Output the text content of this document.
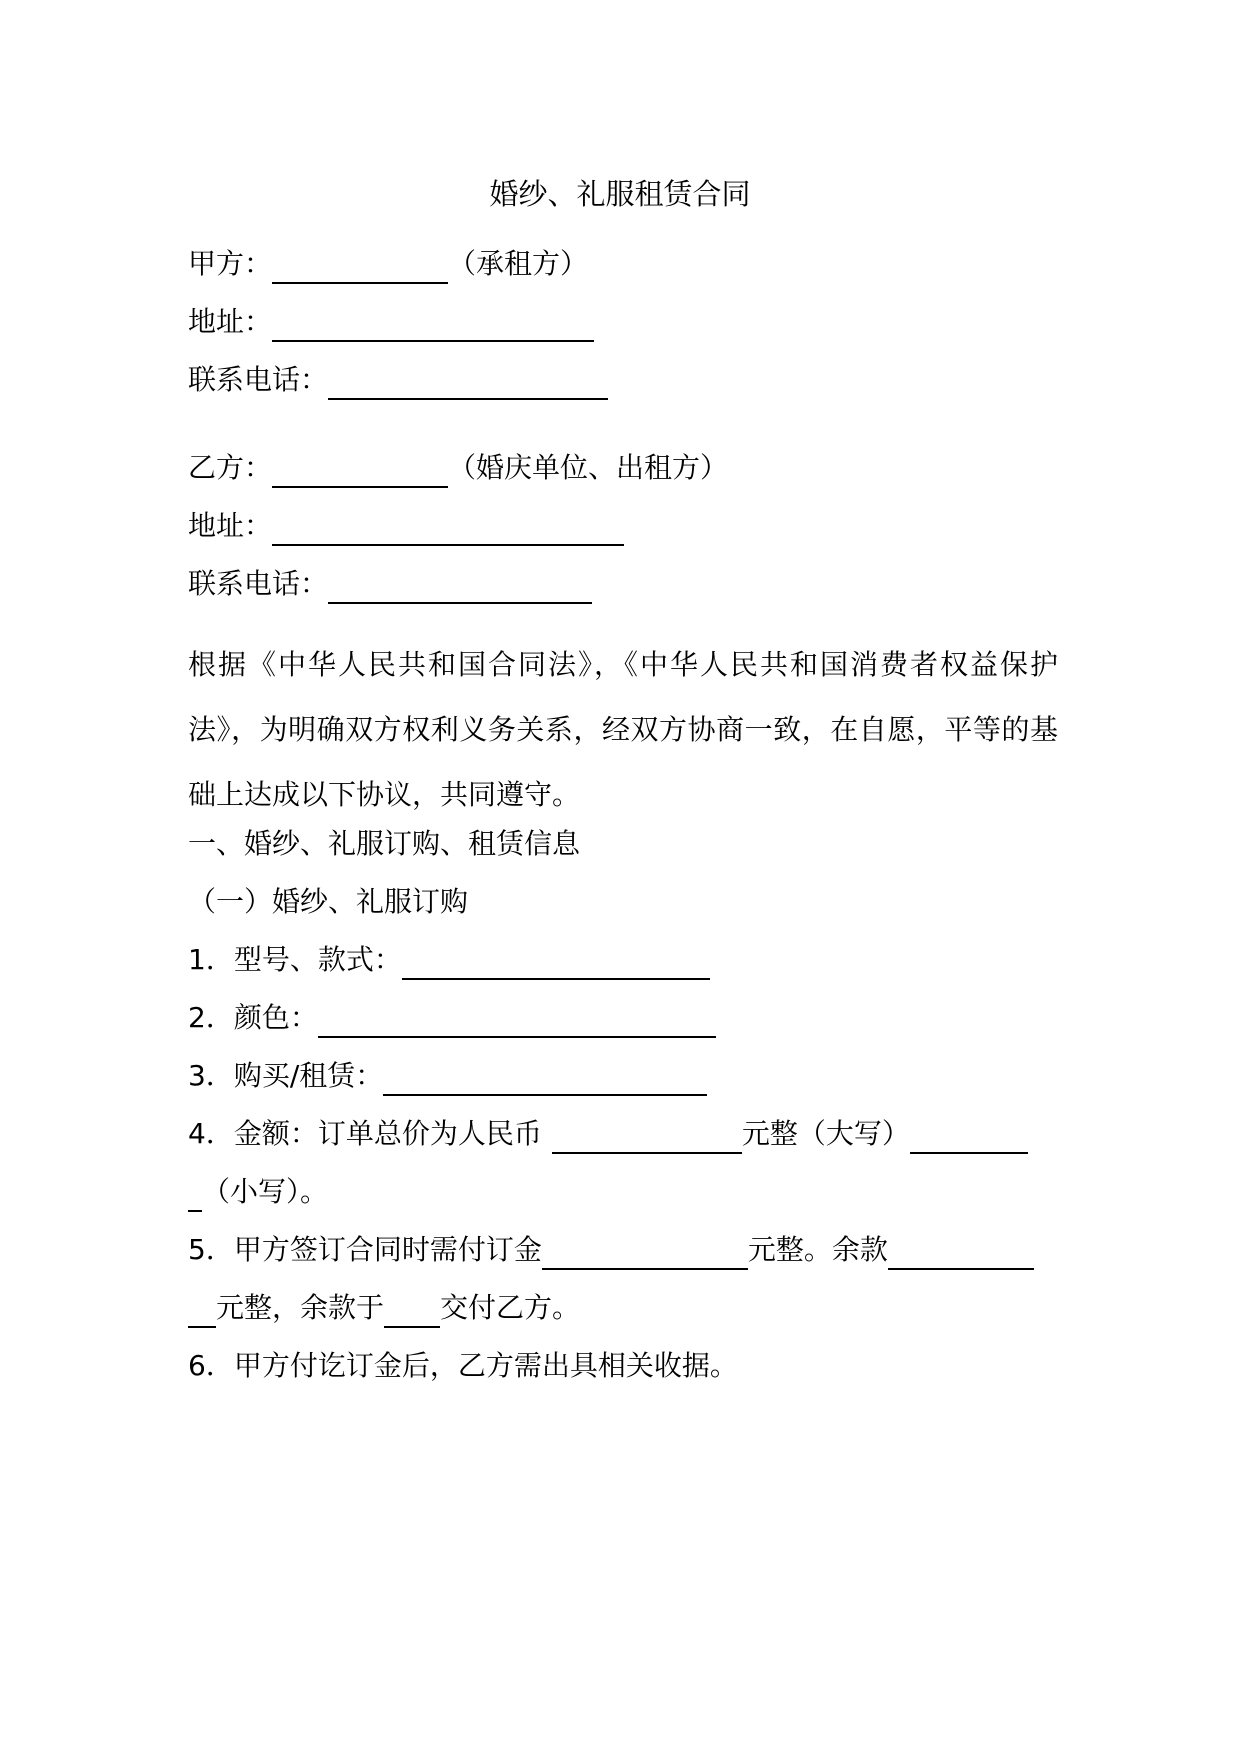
婚纱、礼服租赁合同
甲方：	（承租方）
地址：
联系电话：
乙方：	（婚庆单位、出租方）
地址：
联系电话：
根据《中华人民共和国合同法》，《中华人民共和国消费者权益保护法》，为明确双方权利义务关系，经双方协商一致，在自愿，平等的基础上达成以下协议，共同遵守。
一、婚纱、礼服订购、租赁信息
（一）婚纱、礼服订购
1．型号、款式：
2．颜色：
3．购买/租赁：
4．金额：订单总价为人民币	元整（大写）
（小写）。
5．甲方签订合同时需付订金	元整。余款
元整，余款于 交付乙方。
6．甲方付讫订金后，乙方需出具相关收据。
